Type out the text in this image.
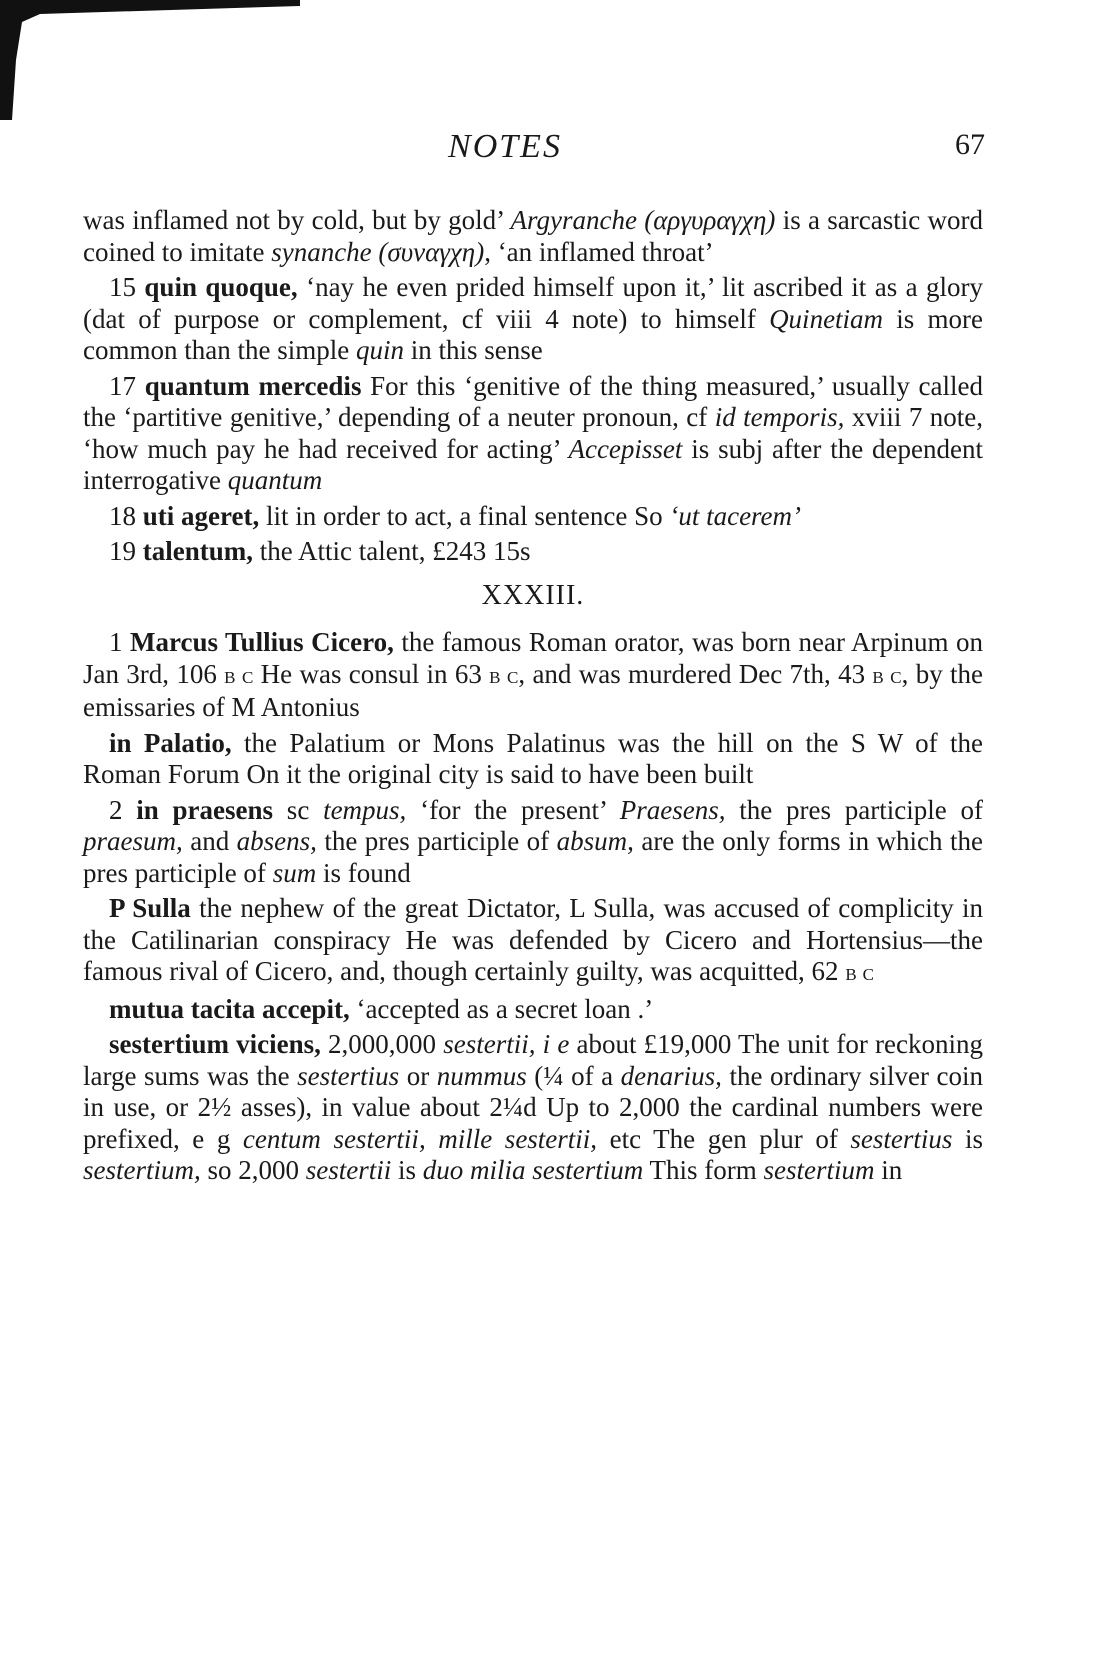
NOTES	67

was inflamed not by cold, but by gold’ Argyranche (αργυραγχη) is a sarcastic word coined to imitate synanche (συναγχη), ‘an inflamed throat’

15 quin quoque, ‘nay he even prided himself upon it,’ lit ascribed it as a glory (dat of purpose or complement, cf viii 4 note) to himself Quinetiam is more common than the simple quin in this sense

17 quantum mercedis For this ‘genitive of the thing measured,’ usually called the ‘partitive genitive,’ depending of a neuter pronoun, cf id temporis, xviii 7 note, ‘how much pay he had received for acting’ Accepisset is subj after the dependent interrogative quantum

18 uti ageret, lit in order to act, a final sentence So ‘ut tacerem’

19 talentum, the Attic talent, £243 15s

XXXIII.

1 Marcus Tullius Cicero, the famous Roman orator, was born near Arpinum on Jan 3rd, 106 b c He was consul in 63 b c, and was murdered Dec 7th, 43 b c, by the emissaries of M Antonius

in Palatio, the Palatium or Mons Palatinus was the hill on the S W of the Roman Forum On it the original city is said to have been built

2 in praesens sc tempus, ‘for the present’ Praesens, the pres participle of praesum, and absens, the pres participle of absum, are the only forms in which the pres participle of sum is found

P Sulla the nephew of the great Dictator, L Sulla, was accused of complicity in the Catilinarian conspiracy He was defended by Cicero and Hortensius—the famous rival of Cicero, and, though certainly guilty, was acquitted, 62 b c

mutua tacita accepit, ‘accepted as a secret loan .’

sestertium viciens, 2,000,000 sestertii, i e about £19,000 The unit for reckoning large sums was the sestertius or nummus (¼ of a denarius, the ordinary silver coin in use, or 2½ asses), in value about 2¼d Up to 2,000 the cardinal numbers were prefixed, e g centum sestertii, mille sestertii, etc The gen plur of sestertius is sestertium, so 2,000 sestertii is duo milia sestertium This form sestertium in
